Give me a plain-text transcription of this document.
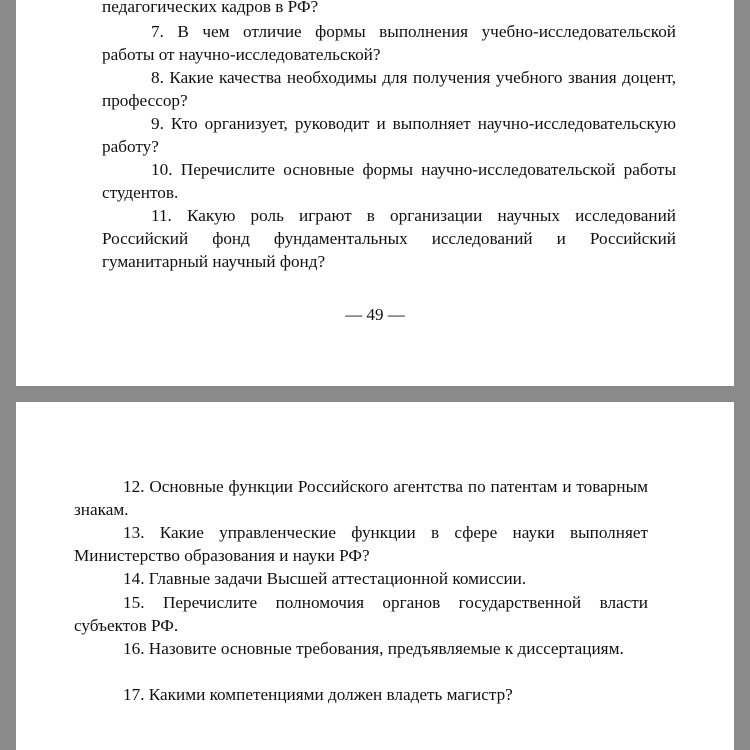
педагогических кадров в РФ?
7. В чем отличие формы выполнения учебно-исследовательской работы от научно-исследовательской?
8. Какие качества необходимы для получения учебного звания доцент, профессор?
9. Кто организует, руководит и выполняет научно-исследовательскую работу?
10. Перечислите основные формы научно-исследовательской работы студентов.
11. Какую роль играют в организации научных исследований Российский фонд фундаментальных исследований и Российский гуманитарный научный фонд?
— 49 —
12. Основные функции Российского агентства по патентам и товарным знакам.
13. Какие управленческие функции в сфере науки выполняет Министерство образования и науки РФ?
14. Главные задачи Высшей аттестационной комиссии.
15. Перечислите полномочия органов государственной власти субъектов РФ.
16. Назовите основные требования, предъявляемые к диссертациям.
17. Какими компетенциями должен владеть магистр?
